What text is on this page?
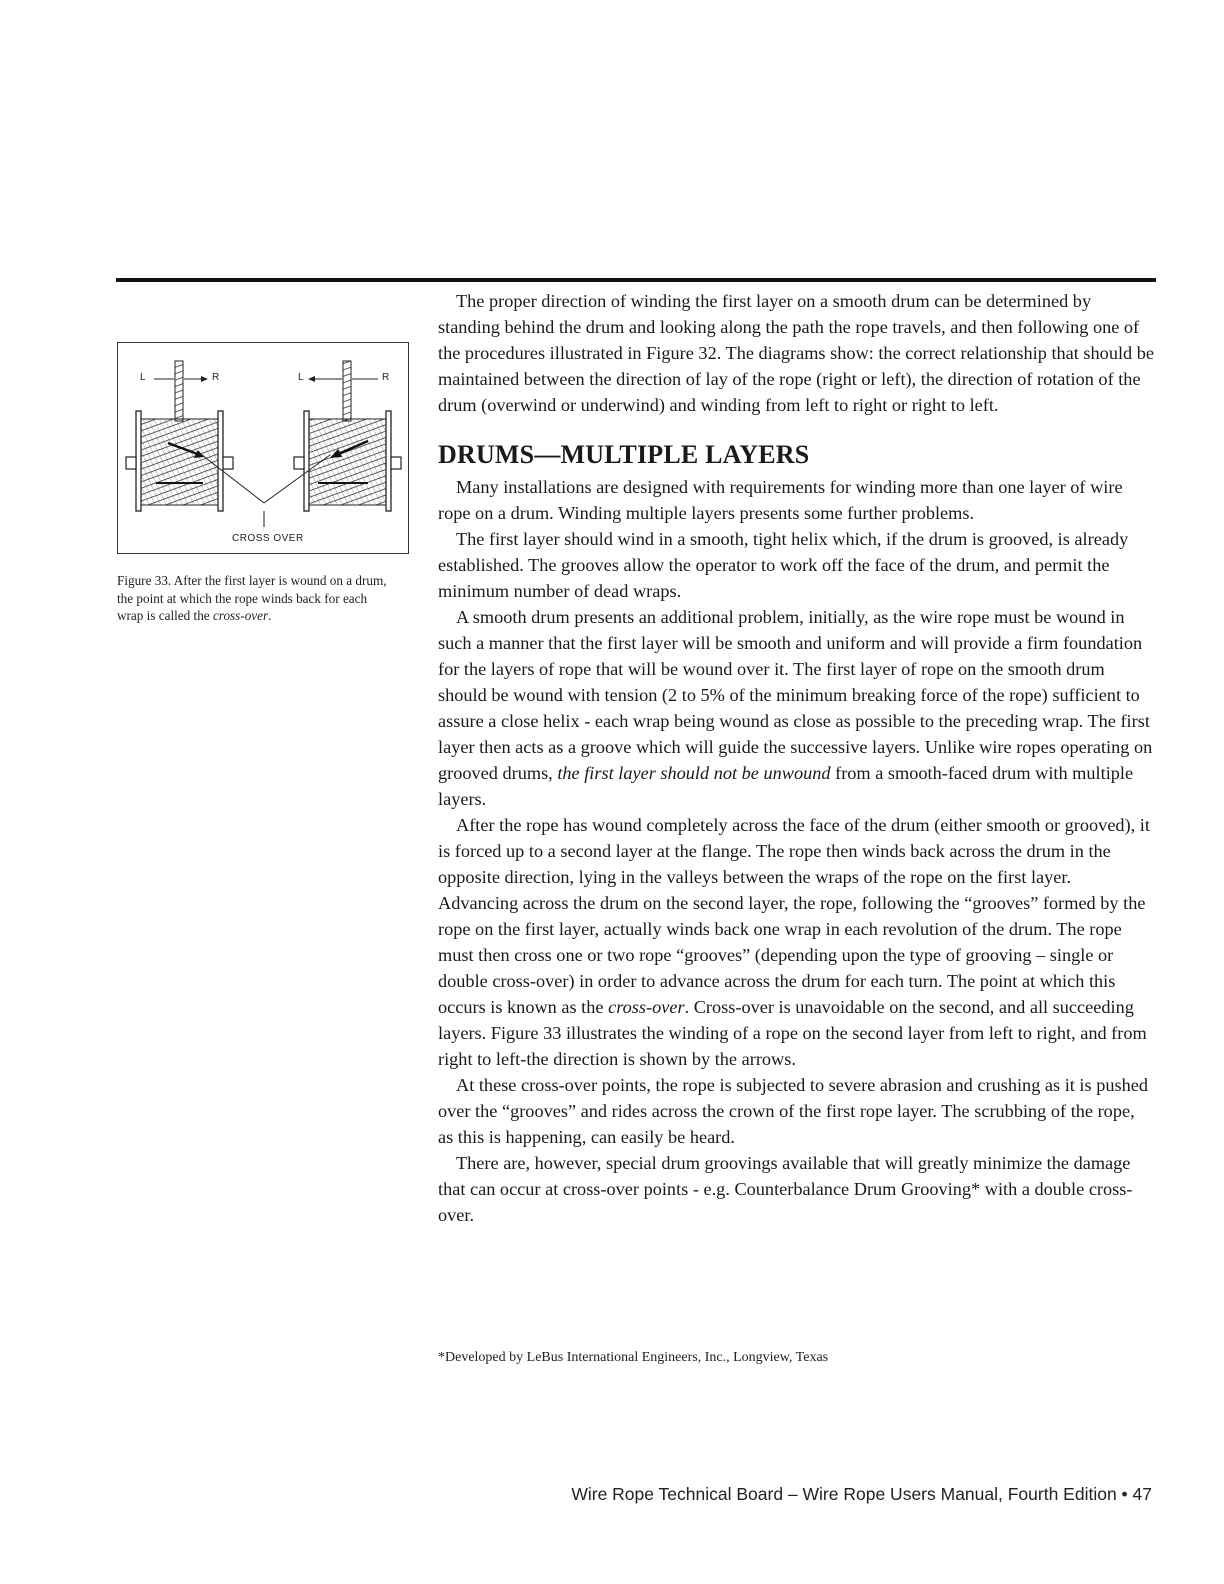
L	R	L	R
CROSS OVER

Figure 33. After the first layer is wound on a drum, the point at which the rope winds back for each wrap is called the cross-over.

The proper direction of winding the first layer on a smooth drum can be determined by standing behind the drum and looking along the path the rope travels, and then following one of the procedures illustrated in Figure 32. The diagrams show: the correct relationship that should be maintained between the direction of lay of the rope (right or left), the direction of rotation of the drum (overwind or underwind) and winding from left to right or right to left.

DRUMS—MULTIPLE LAYERS

Many installations are designed with requirements for winding more than one layer of wire rope on a drum. Winding multiple layers presents some further problems.

The first layer should wind in a smooth, tight helix which, if the drum is grooved, is already established. The grooves allow the operator to work off the face of the drum, and permit the minimum number of dead wraps.

A smooth drum presents an additional problem, initially, as the wire rope must be wound in such a manner that the first layer will be smooth and uniform and will provide a firm foundation for the layers of rope that will be wound over it. The first layer of rope on the smooth drum should be wound with tension (2 to 5% of the minimum breaking force of the rope) sufficient to assure a close helix - each wrap being wound as close as possible to the preceding wrap. The first layer then acts as a groove which will guide the successive layers. Unlike wire ropes operating on grooved drums, the first layer should not be unwound from a smooth-faced drum with multiple layers.

After the rope has wound completely across the face of the drum (either smooth or grooved), it is forced up to a second layer at the flange. The rope then winds back across the drum in the opposite direction, lying in the valleys between the wraps of the rope on the first layer. Advancing across the drum on the second layer, the rope, following the “grooves” formed by the rope on the first layer, actually winds back one wrap in each revolution of the drum. The rope must then cross one or two rope “grooves” (depending upon the type of grooving – single or double cross-over) in order to advance across the drum for each turn. The point at which this occurs is known as the cross-over. Cross-over is unavoidable on the second, and all succeeding layers. Figure 33 illustrates the winding of a rope on the second layer from left to right, and from right to left-the direction is shown by the arrows.

At these cross-over points, the rope is subjected to severe abrasion and crushing as it is pushed over the “grooves” and rides across the crown of the first rope layer. The scrubbing of the rope, as this is happening, can easily be heard.

There are, however, special drum groovings available that will greatly minimize the damage that can occur at cross-over points - e.g. Counterbalance Drum Grooving* with a double cross-over.

*Developed by LeBus International Engineers, Inc., Longview, Texas
Wire Rope Technical Board – Wire Rope Users Manual, Fourth Edition • 47
